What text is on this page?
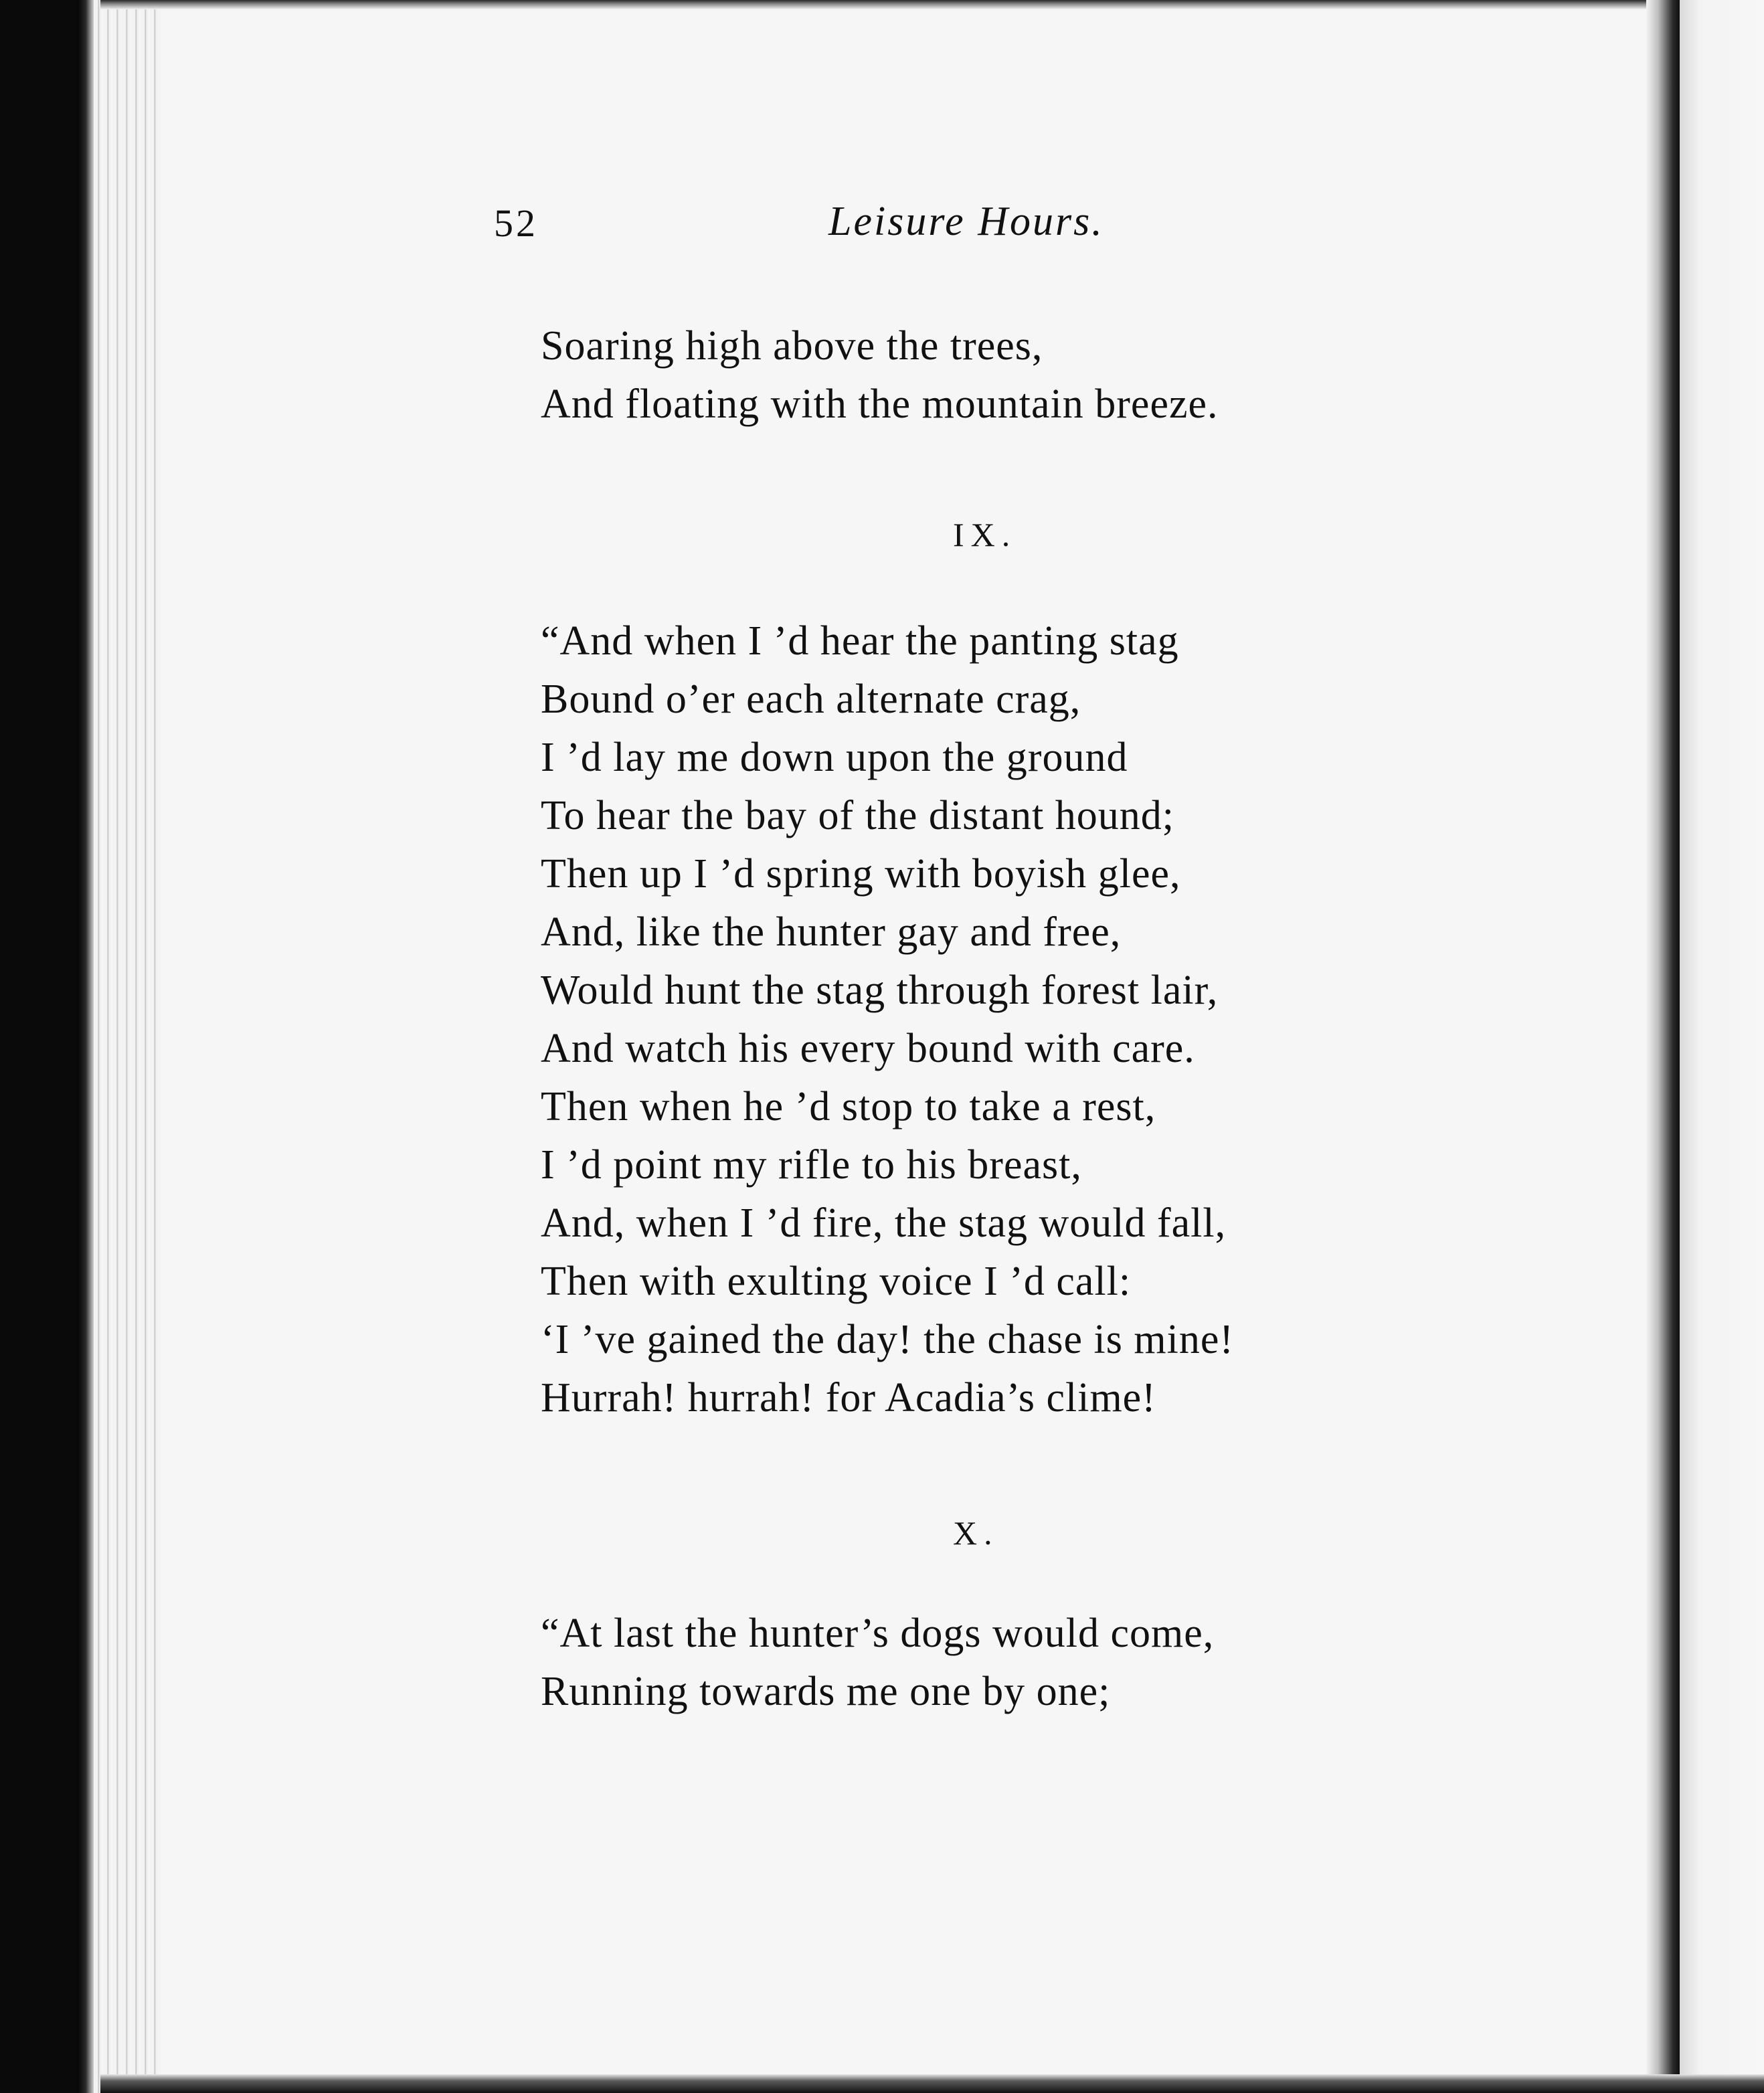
52	Leisure Hours.
Soaring high above the trees,
And floating with the mountain breeze.
IX.
“And when I ’d hear the panting stag
Bound o’er each alternate crag,
I ’d lay me down upon the ground
To hear the bay of the distant hound;
Then up I ’d spring with boyish glee,
And, like the hunter gay and free,
Would hunt the stag through forest lair,
And watch his every bound with care.
Then when he ’d stop to take a rest,
I ’d point my rifle to his breast,
And, when I ’d fire, the stag would fall,
Then with exulting voice I ’d call:
‘I ’ve gained the day! the chase is mine!
Hurrah! hurrah! for Acadia’s clime!
X.
“At last the hunter’s dogs would come,
Running towards me one by one;
